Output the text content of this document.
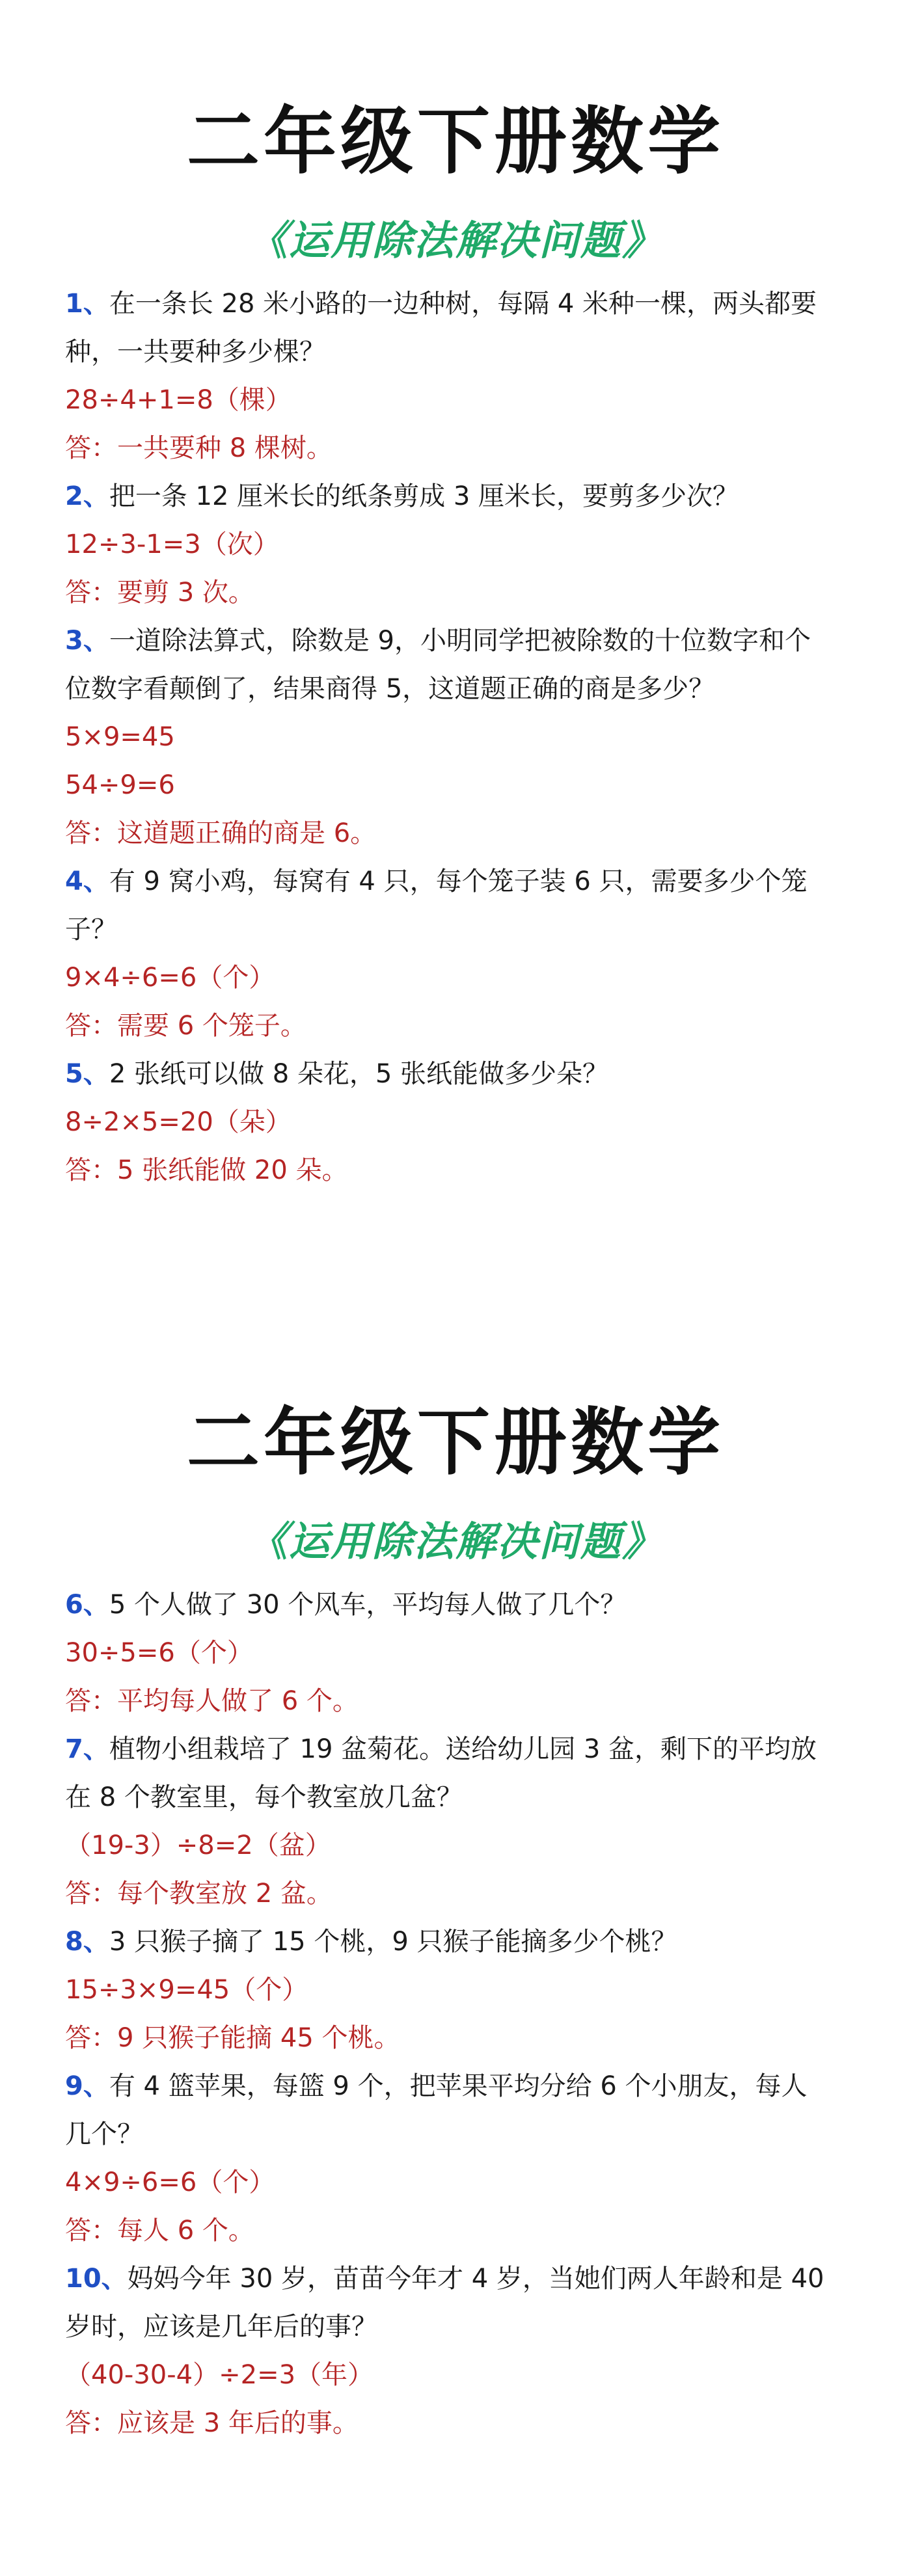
二年级下册数学
《运用除法解决问题》
1、在一条长 28 米小路的一边种树，每隔 4 米种一棵，两头都要
种，一共要种多少棵？
28÷4+1=8（棵）
答：一共要种 8 棵树。
2、把一条 12 厘米长的纸条剪成 3 厘米长，要剪多少次？
12÷3-1=3（次）
答：要剪 3 次。
3、一道除法算式，除数是 9，小明同学把被除数的十位数字和个
位数字看颠倒了，结果商得 5，这道题正确的商是多少？
5×9=45
54÷9=6
答：这道题正确的商是 6。
4、有 9 窝小鸡，每窝有 4 只，每个笼子装 6 只，需要多少个笼
子？
9×4÷6=6（个）
答：需要 6 个笼子。
5、2 张纸可以做 8 朵花，5 张纸能做多少朵？
8÷2×5=20（朵）
答：5 张纸能做 20 朵。
二年级下册数学
《运用除法解决问题》
6、5 个人做了 30 个风车，平均每人做了几个？
30÷5=6（个）
答：平均每人做了 6 个。
7、植物小组栽培了 19 盆菊花。送给幼儿园 3 盆，剩下的平均放
在 8 个教室里，每个教室放几盆？
（19-3）÷8=2（盆）
答：每个教室放 2 盆。
8、3 只猴子摘了 15 个桃，9 只猴子能摘多少个桃？
15÷3×9=45（个）
答：9 只猴子能摘 45 个桃。
9、有 4 篮苹果，每篮 9 个，把苹果平均分给 6 个小朋友，每人
几个？
4×9÷6=6（个）
答：每人 6 个。
10、妈妈今年 30 岁，苗苗今年才 4 岁，当她们两人年龄和是 40
岁时，应该是几年后的事？
（40-30-4）÷2=3（年）
答：应该是 3 年后的事。
